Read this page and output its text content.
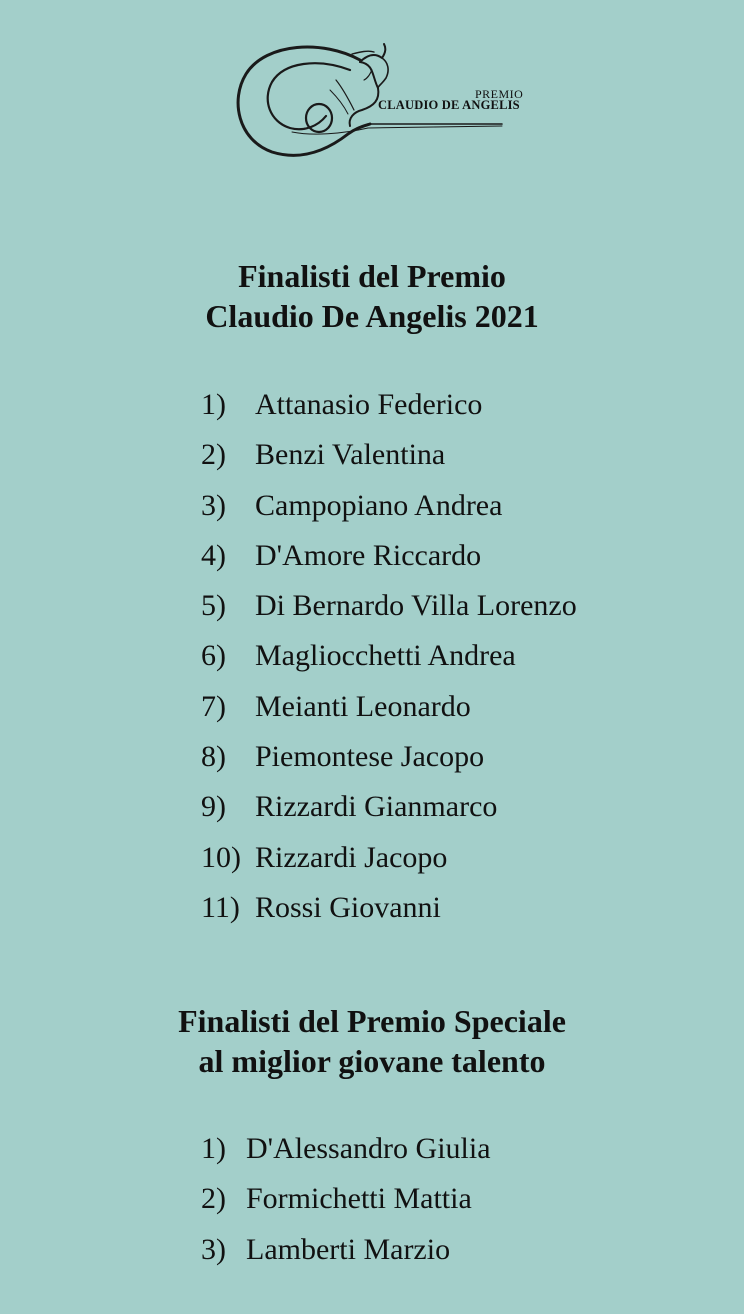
PREMIO
CLAUDIO DE ANGELIS
Finalisti del Premio
Claudio De Angelis 2021
1) Attanasio Federico
2) Benzi Valentina
3) Campopiano Andrea
4) D'Amore Riccardo
5) Di Bernardo Villa Lorenzo
6) Magliocchetti Andrea
7) Meianti Leonardo
8) Piemontese Jacopo
9) Rizzardi Gianmarco
10) Rizzardi Jacopo
11) Rossi Giovanni
Finalisti del Premio Speciale
al miglior giovane talento
1) D'Alessandro Giulia
2) Formichetti Mattia
3) Lamberti Marzio
